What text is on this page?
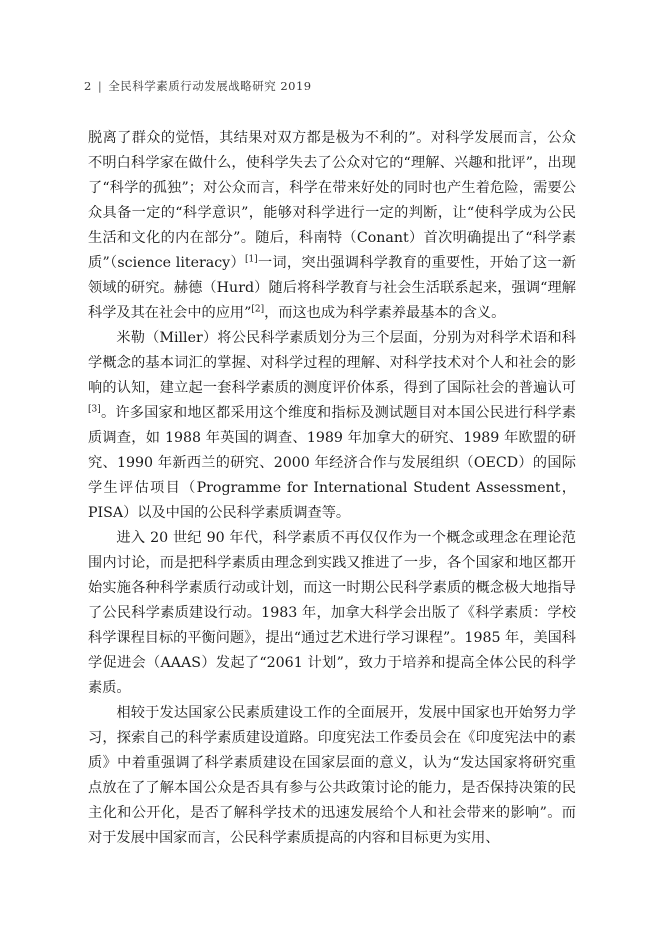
2 | 全民科学素质行动发展战略研究 2019

脱离了群众的觉悟，其结果对双方都是极为不利的”。对科学发展而言，公众不明白科学家在做什么，使科学失去了公众对它的“理解、兴趣和批评”，出现了“科学的孤独”；对公众而言，科学在带来好处的同时也产生着危险，需要公众具备一定的“科学意识”，能够对科学进行一定的判断，让“使科学成为公民生活和文化的内在部分”。随后，科南特（Conant）首次明确提出了“科学素质”（science literacy）[1]一词，突出强调科学教育的重要性，开始了这一新领域的研究。赫德（Hurd）随后将科学教育与社会生活联系起来，强调“理解科学及其在社会中的应用”[2]，而这也成为科学素养最基本的含义。

米勒（Miller）将公民科学素质划分为三个层面，分别为对科学术语和科学概念的基本词汇的掌握、对科学过程的理解、对科学技术对个人和社会的影响的认知，建立起一套科学素质的测度评价体系，得到了国际社会的普遍认可[3]。许多国家和地区都采用这个维度和指标及测试题目对本国公民进行科学素质调查，如 1988 年英国的调查、1989 年加拿大的研究、1989 年欧盟的研究、1990 年新西兰的研究、2000 年经济合作与发展组织（OECD）的国际学生评估项目（Programme for International Student Assessment，PISA）以及中国的公民科学素质调查等。

进入 20 世纪 90 年代，科学素质不再仅仅作为一个概念或理念在理论范围内讨论，而是把科学素质由理念到实践又推进了一步，各个国家和地区都开始实施各种科学素质行动或计划，而这一时期公民科学素质的概念极大地指导了公民科学素质建设行动。1983 年，加拿大科学会出版了《科学素质：学校科学课程目标的平衡问题》，提出“通过艺术进行学习课程”。1985 年，美国科学促进会（AAAS）发起了“2061 计划”，致力于培养和提高全体公民的科学素质。

相较于发达国家公民素质建设工作的全面展开，发展中国家也开始努力学习，探索自己的科学素质建设道路。印度宪法工作委员会在《印度宪法中的素质》中着重强调了科学素质建设在国家层面的意义，认为“发达国家将研究重点放在了了解本国公众是否具有参与公共政策讨论的能力，是否保持决策的民主化和公开化，是否了解科学技术的迅速发展给个人和社会带来的影响”。而对于发展中国家而言，公民科学素质提高的内容和目标更为实用、
